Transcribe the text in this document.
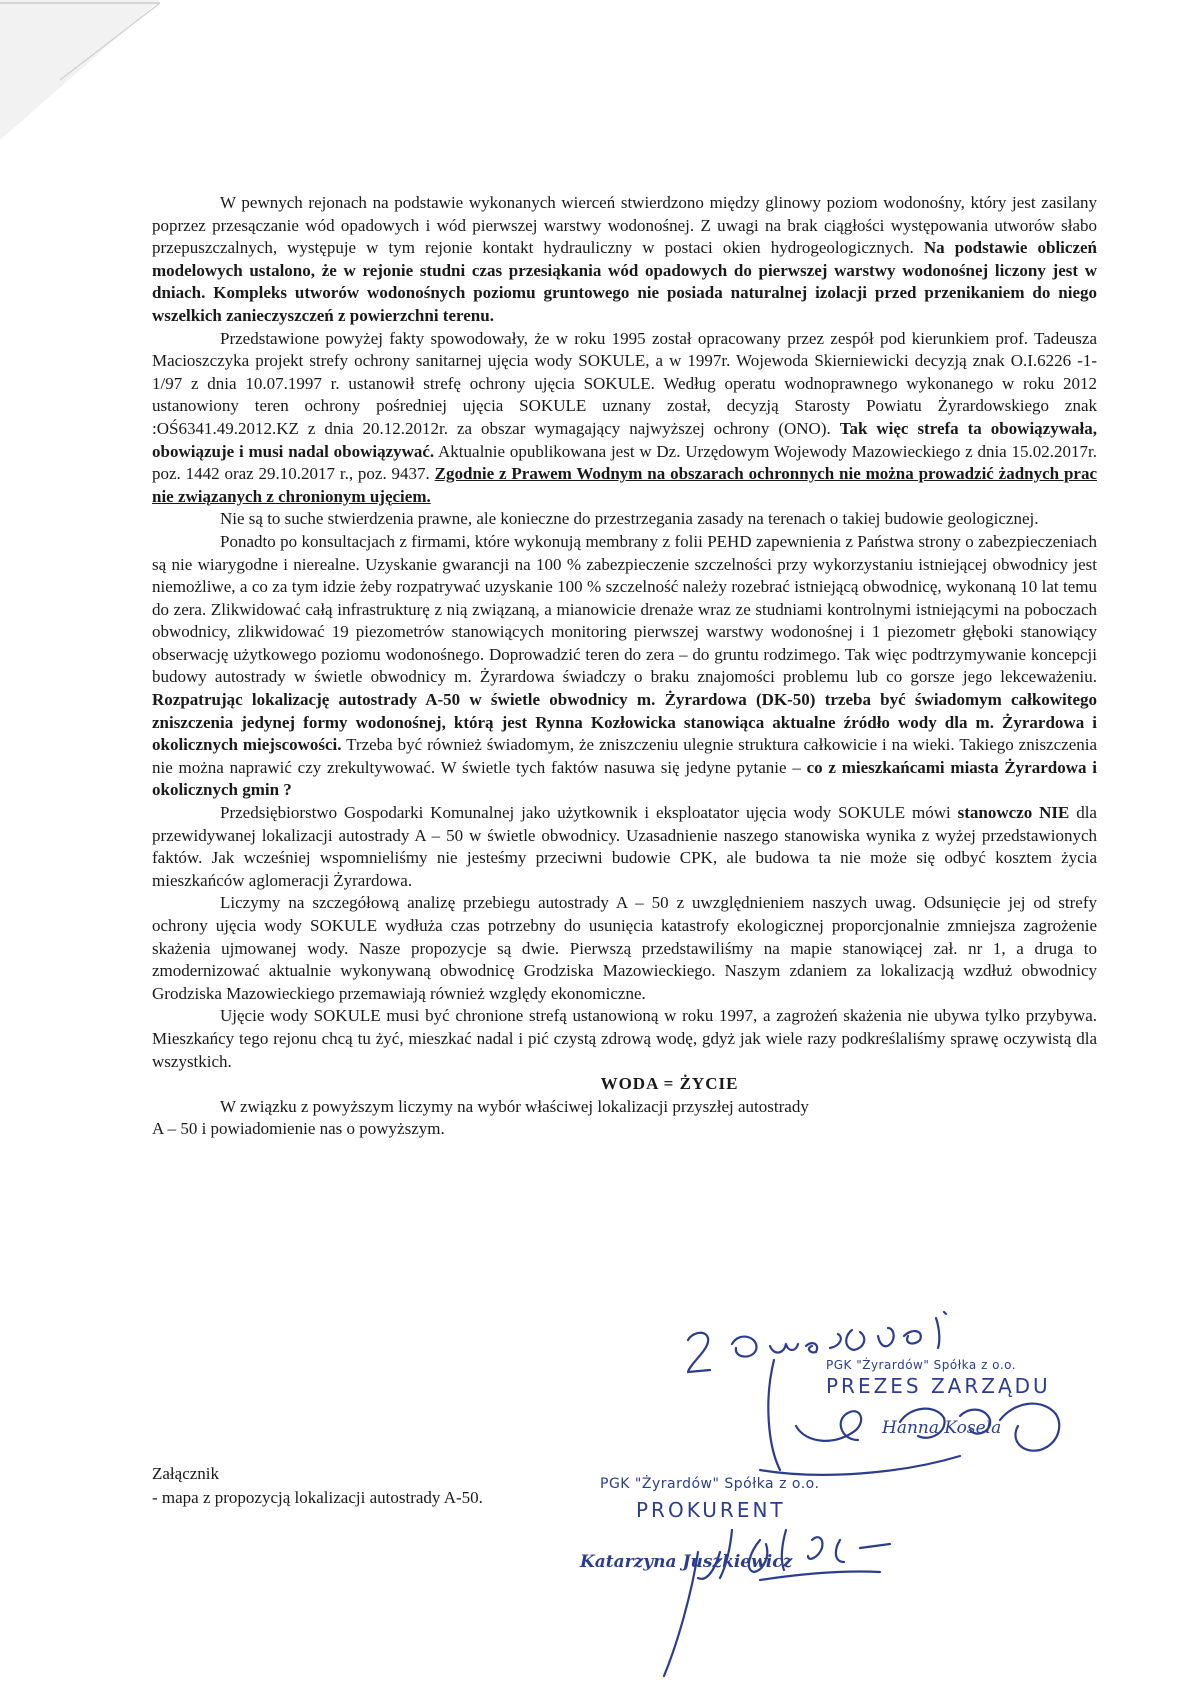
W pewnych rejonach na podstawie wykonanych wierceń stwierdzono między glinowy poziom wodonośny, który jest zasilany poprzez przesączanie wód opadowych i wód pierwszej warstwy wodonośnej. Z uwagi na brak ciągłości występowania utworów słabo przepuszczalnych, występuje w tym rejonie kontakt hydrauliczny w postaci okien hydrogeologicznych. Na podstawie obliczeń modelowych ustalono, że w rejonie studni czas przesiąkania wód opadowych do pierwszej warstwy wodonośnej liczony jest w dniach. Kompleks utworów wodonośnych poziomu gruntowego nie posiada naturalnej izolacji przed przenikaniem do niego wszelkich zanieczyszczeń z powierzchni terenu.

Przedstawione powyżej fakty spowodowały, że w roku 1995 został opracowany przez zespół pod kierunkiem prof. Tadeusza Macioszczyka projekt strefy ochrony sanitarnej ujęcia wody SOKULE, a w 1997r. Wojewoda Skierniewicki decyzją znak O.I.6226 -1-1/97 z dnia 10.07.1997 r. ustanowił strefę ochrony ujęcia SOKULE. Według operatu wodnoprawnego wykonanego w roku 2012 ustanowiony teren ochrony pośredniej ujęcia SOKULE uznany został, decyzją Starosty Powiatu Żyrardowskiego znak :OŚ6341.49.2012.KZ z dnia 20.12.2012r. za obszar wymagający najwyższej ochrony (ONO). Tak więc strefa ta obowiązywała, obowiązuje i musi nadal obowiązywać. Aktualnie opublikowana jest w Dz. Urzędowym Wojewody Mazowieckiego z dnia 15.02.2017r. poz. 1442 oraz 29.10.2017 r., poz. 9437. Zgodnie z Prawem Wodnym na obszarach ochronnych nie można prowadzić żadnych prac nie związanych z chronionym ujęciem.

Nie są to suche stwierdzenia prawne, ale konieczne do przestrzegania zasady na terenach o takiej budowie geologicznej.

Ponadto po konsultacjach z firmami, które wykonują membrany z folii PEHD zapewnienia z Państwa strony o zabezpieczeniach są nie wiarygodne i nierealne. Uzyskanie gwarancji na 100 % zabezpieczenie szczelności przy wykorzystaniu istniejącej obwodnicy jest niemożliwe, a co za tym idzie żeby rozpatrywać uzyskanie 100 % szczelność należy rozebrać istniejącą obwodnicę, wykonaną 10 lat temu do zera. Zlikwidować całą infrastrukturę z nią związaną, a mianowicie drenaże wraz ze studniami kontrolnymi istniejącymi na poboczach obwodnicy, zlikwidować 19 piezometrów stanowiących monitoring pierwszej warstwy wodonośnej i 1 piezometr głęboki stanowiący obserwację użytkowego poziomu wodonośnego. Doprowadzić teren do zera – do gruntu rodzimego. Tak więc podtrzymywanie koncepcji budowy autostrady w świetle obwodnicy m. Żyrardowa świadczy o braku znajomości problemu lub co gorsze jego lekceważeniu. Rozpatrując lokalizację autostrady A-50 w świetle obwodnicy m. Żyrardowa (DK-50) trzeba być świadomym całkowitego zniszczenia jedynej formy wodonośnej, którą jest Rynna Kozłowicka stanowiąca aktualne źródło wody dla m. Żyrardowa i okolicznych miejscowości. Trzeba być również świadomym, że zniszczeniu ulegnie struktura całkowicie i na wieki. Takiego zniszczenia nie można naprawić czy zrekultywować. W świetle tych faktów nasuwa się jedyne pytanie – co z mieszkańcami miasta Żyrardowa i okolicznych gmin ?

Przedsiębiorstwo Gospodarki Komunalnej jako użytkownik i eksploatator ujęcia wody SOKULE mówi stanowczo NIE dla przewidywanej lokalizacji autostrady A – 50 w świetle obwodnicy. Uzasadnienie naszego stanowiska wynika z wyżej przedstawionych faktów. Jak wcześniej wspomnieliśmy nie jesteśmy przeciwni budowie CPK, ale budowa ta nie może się odbyć kosztem życia mieszkańców aglomeracji Żyrardowa.

Liczymy na szczegółową analizę przebiegu autostrady A – 50 z uwzględnieniem naszych uwag. Odsunięcie jej od strefy ochrony ujęcia wody SOKULE wydłuża czas potrzebny do usunięcia katastrofy ekologicznej proporcjonalnie zmniejsza zagrożenie skażenia ujmowanej wody. Nasze propozycje są dwie. Pierwszą przedstawiliśmy na mapie stanowiącej zał. nr 1, a druga to zmodernizować aktualnie wykonywaną obwodnicę Grodziska Mazowieckiego. Naszym zdaniem za lokalizacją wzdłuż obwodnicy Grodziska Mazowieckiego przemawiają również względy ekonomiczne.

Ujęcie wody SOKULE musi być chronione strefą ustanowioną w roku 1997, a zagrożeń skażenia nie ubywa tylko przybywa. Mieszkańcy tego rejonu chcą tu żyć, mieszkać nadal i pić czystą zdrową wodę, gdyż jak wiele razy podkreślaliśmy sprawę oczywistą dla wszystkich.

WODA = ŻYCIE

W związku z powyższym liczymy na wybór właściwej lokalizacji przyszłej autostrady

A – 50 i powiadomienie nas o powyższym.

Załącznik
- mapa z propozycją lokalizacji autostrady A-50.
PGK "Żyrardów" Spółka z o.o.
PREZES ZARZĄDU
Hanna Kosela
PGK "Żyrardów" Spółka z o.o.
PROKURENT
Katarzyna Juszkiewicz
